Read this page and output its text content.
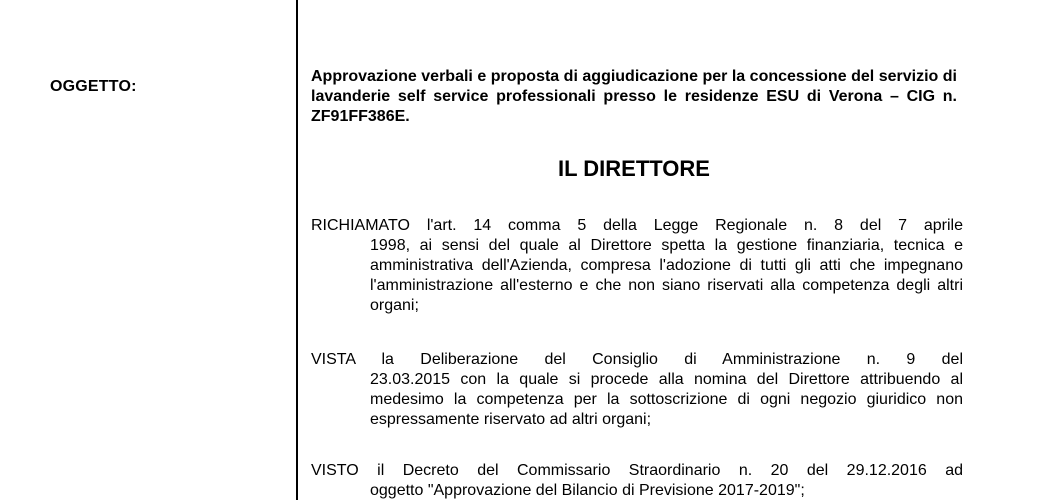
OGGETTO:
Approvazione verbali e proposta di aggiudicazione per la concessione del servizio di lavanderie self service professionali presso le residenze ESU di Verona – CIG n. ZF91FF386E.
IL DIRETTORE
RICHIAMATO l'art. 14 comma 5 della Legge Regionale n. 8 del 7 aprile
1998, ai sensi del quale al Direttore spetta la gestione finanziaria, tecnica e amministrativa dell'Azienda, compresa l'adozione di tutti gli atti che impegnano l'amministrazione all'esterno e che non siano riservati alla competenza degli altri organi;
VISTA la Deliberazione del Consiglio di Amministrazione n. 9 del
23.03.2015 con la quale si procede alla nomina del Direttore attribuendo al medesimo la competenza per la sottoscrizione di ogni negozio giuridico non espressamente riservato ad altri organi;
VISTO il Decreto del Commissario Straordinario n. 20 del 29.12.2016 ad
oggetto "Approvazione del Bilancio di Previsione 2017-2019";
